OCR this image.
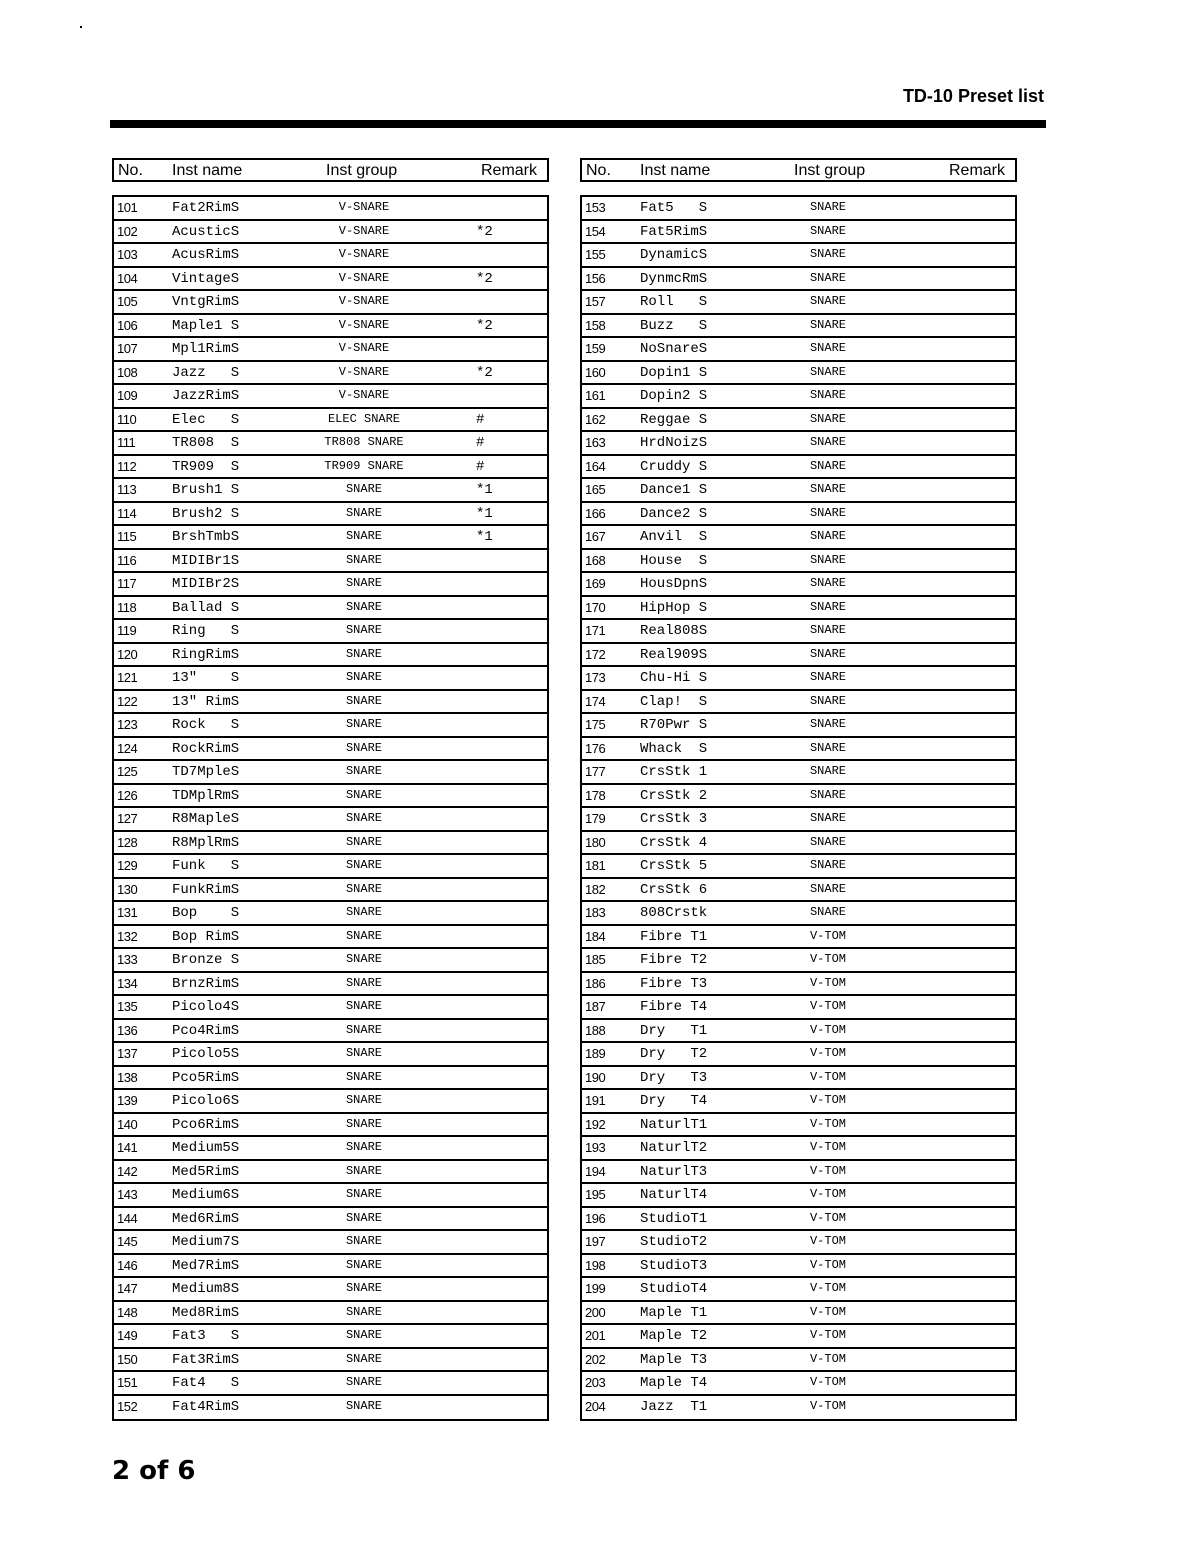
TD-10 Preset list
No. Inst name	Inst group	Remark
101 Fat2RimS	V-SNARE
102 AcusticS	V-SNARE	*2
103 AcusRimS	V-SNARE
104 VintageS	V-SNARE	*2
105 VntgRimS	V-SNARE
106 Maple1 S	V-SNARE	*2
107 Mpl1RimS	V-SNARE
108 Jazz   S	V-SNARE	*2
109 JazzRimS	V-SNARE
110	Elec   S	ELEC SNARE	#
111	TR808  S	TR808 SNARE	#
112	TR909  S	TR909 SNARE	#
113	Brush1 S	SNARE	*1
114	Brush2 S	SNARE	*1
115	BrshTmbS	SNARE	*1
116	MIDIBr1S	SNARE
117	MIDIBr2S	SNARE
118	Ballad S	SNARE
119	Ring   S	SNARE
120 RingRimS	SNARE
121 13"    S	SNARE
122 13" RimS	SNARE
123 Rock   S	SNARE
124 RockRimS	SNARE
125 TD7MpleS	SNARE
126 TDMplRmS	SNARE
127 R8MapleS	SNARE
128 R8MplRmS	SNARE
129 Funk   S	SNARE
130 FunkRimS	SNARE
131 Bop    S	SNARE
132 Bop RimS	SNARE
133 Bronze S	SNARE
134 BrnzRimS	SNARE
135 Picolo4S	SNARE
136 Pco4RimS	SNARE
137 Picolo5S	SNARE
138 Pco5RimS	SNARE
139 Picolo6S	SNARE
140 Pco6RimS	SNARE
141 Medium5S	SNARE
142 Med5RimS	SNARE
143 Medium6S	SNARE
144 Med6RimS	SNARE
145 Medium7S	SNARE
146 Med7RimS	SNARE
147 Medium8S	SNARE
148 Med8RimS	SNARE
149 Fat3   S	SNARE
150 Fat3RimS	SNARE
151 Fat4   S	SNARE
152 Fat4RimS	SNARE
No. Inst name	Inst group	Remark
153 Fat5   S	SNARE
154 Fat5RimS	SNARE
155 DynamicS	SNARE
156 DynmcRmS	SNARE
157 Roll   S	SNARE
158 Buzz   S	SNARE
159 NoSnareS	SNARE
160 Dopin1 S	SNARE
161 Dopin2 S	SNARE
162 Reggae S	SNARE
163 HrdNoizS	SNARE
164 Cruddy S	SNARE
165 Dance1 S	SNARE
166 Dance2 S	SNARE
167 Anvil  S	SNARE
168 House  S	SNARE
169 HousDpnS	SNARE
170 HipHop S	SNARE
171 Real808S	SNARE
172 Real909S	SNARE
173 Chu-Hi S	SNARE
174 Clap!  S	SNARE
175 R70Pwr S	SNARE
176 Whack  S	SNARE
177 CrsStk 1	SNARE
178 CrsStk 2	SNARE
179 CrsStk 3	SNARE
180 CrsStk 4	SNARE
181 CrsStk 5	SNARE
182 CrsStk 6	SNARE
183 808Crstk	SNARE
184 Fibre T1	V-TOM
185 Fibre T2	V-TOM
186 Fibre T3	V-TOM
187 Fibre T4	V-TOM
188 Dry   T1	V-TOM
189 Dry   T2	V-TOM
190 Dry   T3	V-TOM
191 Dry   T4	V-TOM
192 NaturlT1	V-TOM
193 NaturlT2	V-TOM
194 NaturlT3	V-TOM
195 NaturlT4	V-TOM
196 StudioT1	V-TOM
197 StudioT2	V-TOM
198 StudioT3	V-TOM
199 StudioT4	V-TOM
200 Maple T1	V-TOM
201 Maple T2	V-TOM
202 Maple T3	V-TOM
203 Maple T4	V-TOM
204 Jazz  T1	V-TOM
2 of 6
